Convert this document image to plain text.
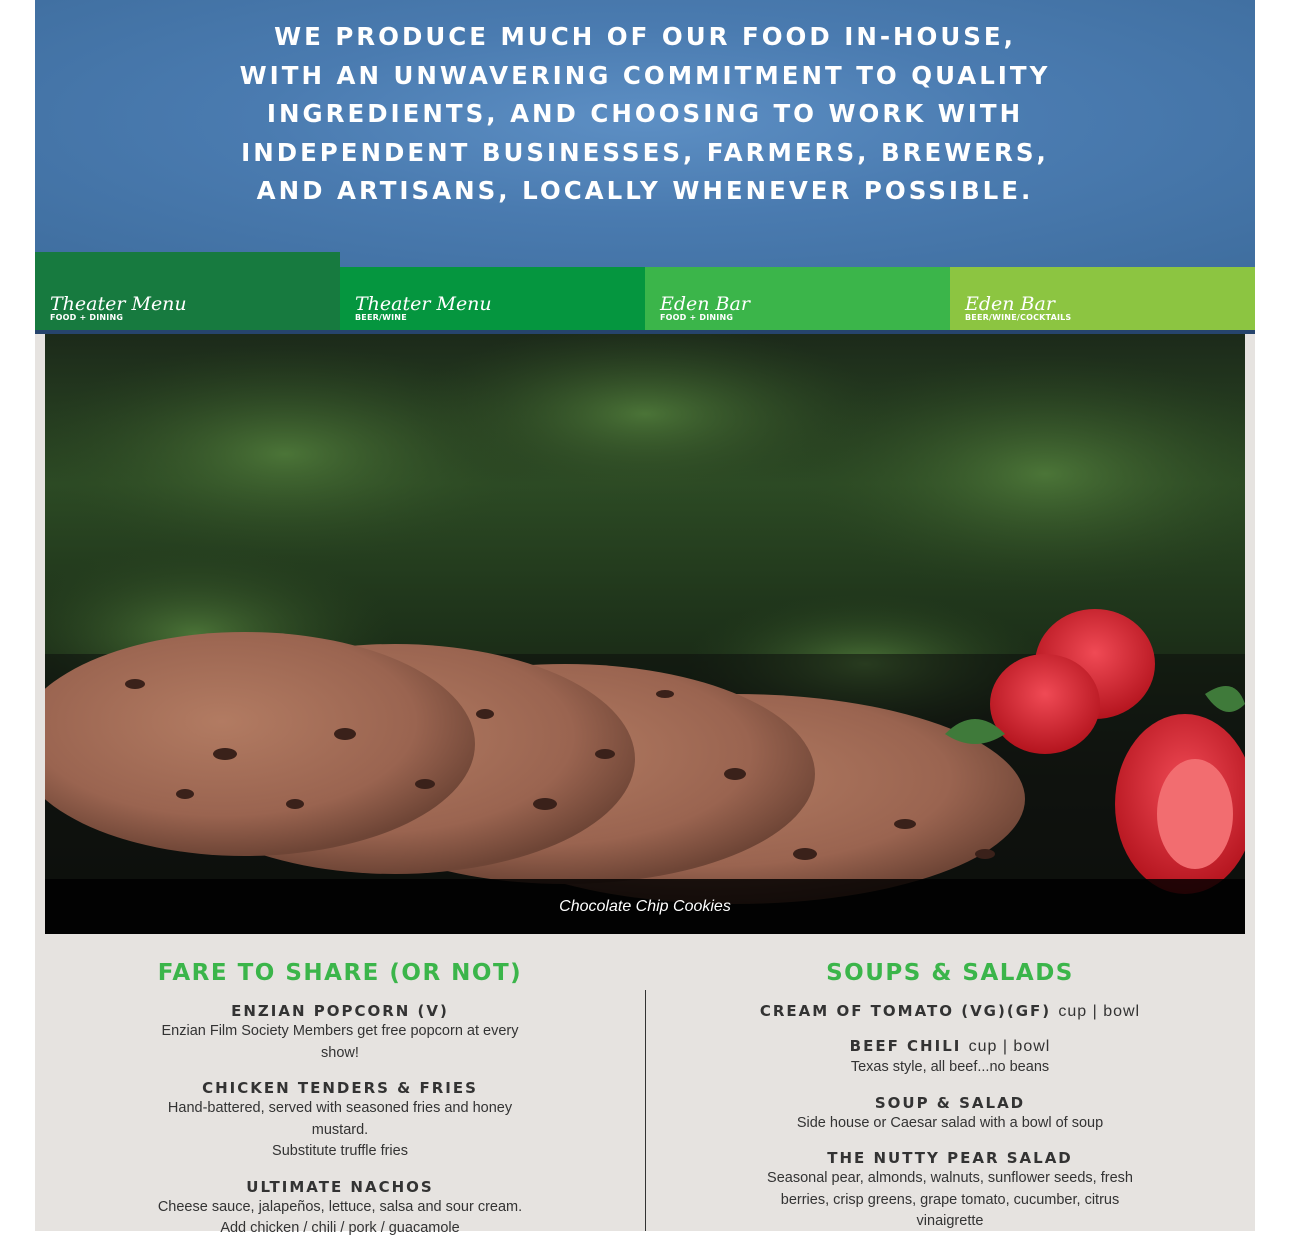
WE PRODUCE MUCH OF OUR FOOD IN-HOUSE, WITH AN UNWAVERING COMMITMENT TO QUALITY INGREDIENTS, AND CHOOSING TO WORK WITH INDEPENDENT BUSINESSES, FARMERS, BREWERS, AND ARTISANS, LOCALLY WHENEVER POSSIBLE.
Theater Menu
FOOD + DINING
Theater Menu
BEER/WINE
Eden Bar
FOOD + DINING
Eden Bar
BEER/WINE/COCKTAILS
Chocolate Chip Cookies
FARE TO SHARE (OR NOT)
ENZIAN POPCORN (V)
Enzian Film Society Members get free popcorn at every show!
CHICKEN TENDERS & FRIES
Hand-battered, served with seasoned fries and honey mustard.
Substitute truffle fries
ULTIMATE NACHOS
Cheese sauce, jalapeños, lettuce, salsa and sour cream.
Add chicken / chili / pork / guacamole
SOUPS & SALADS
CREAM OF TOMATO (VG)(GF) cup | bowl
BEEF CHILI cup | bowl
Texas style, all beef...no beans
SOUP & SALAD
Side house or Caesar salad with a bowl of soup
THE NUTTY PEAR SALAD
Seasonal pear, almonds, walnuts, sunflower seeds, fresh berries, crisp greens, grape tomato, cucumber, citrus vinaigrette
